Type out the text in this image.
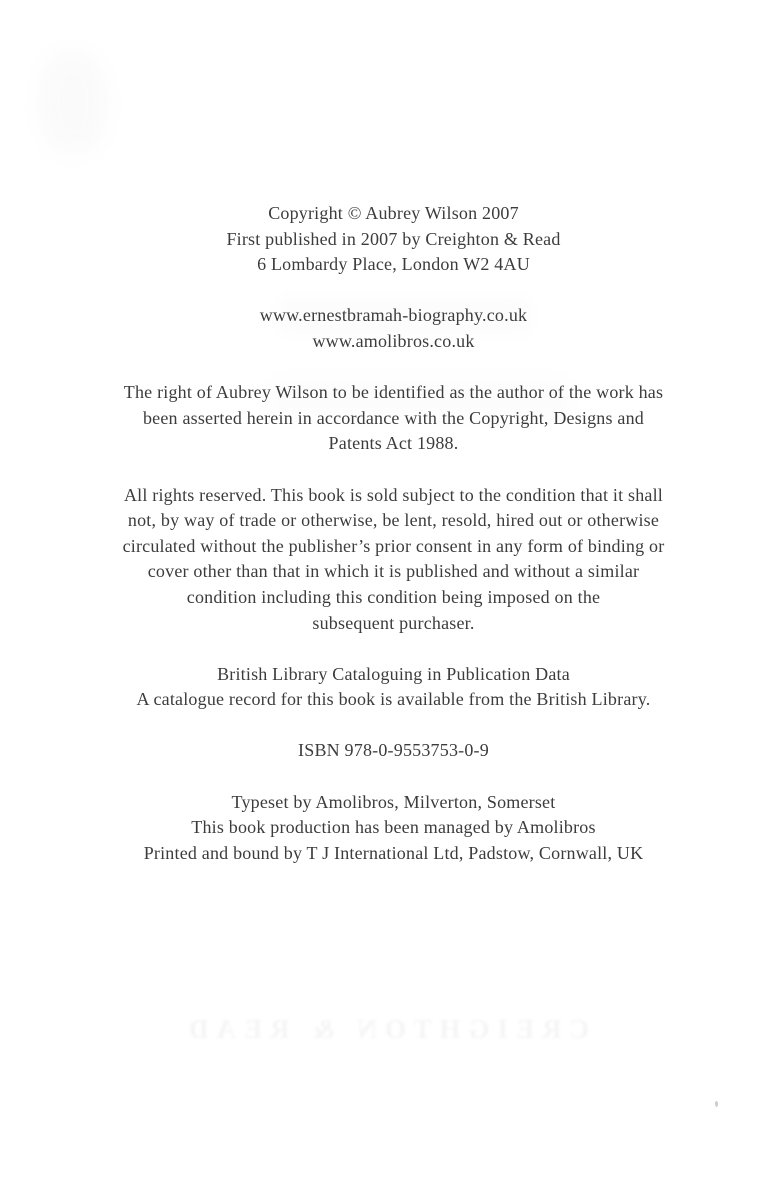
Copyright © Aubrey Wilson 2007
First published in 2007 by Creighton & Read
6 Lombardy Place, London W2 4AU
www.ernestbramah-biography.co.uk
www.amolibros.co.uk
The right of Aubrey Wilson to be identified as the author of the work has
been asserted herein in accordance with the Copyright, Designs and
Patents Act 1988.
All rights reserved. This book is sold subject to the condition that it shall
not, by way of trade or otherwise, be lent, resold, hired out or otherwise
circulated without the publisher’s prior consent in any form of binding or
cover other than that in which it is published and without a similar
condition including this condition being imposed on the
subsequent purchaser.
British Library Cataloguing in Publication Data
A catalogue record for this book is available from the British Library.
ISBN 978-0-9553753-0-9
Typeset by Amolibros, Milverton, Somerset
This book production has been managed by Amolibros
Printed and bound by T J International Ltd, Padstow, Cornwall, UK
CREIGHTON & READ
